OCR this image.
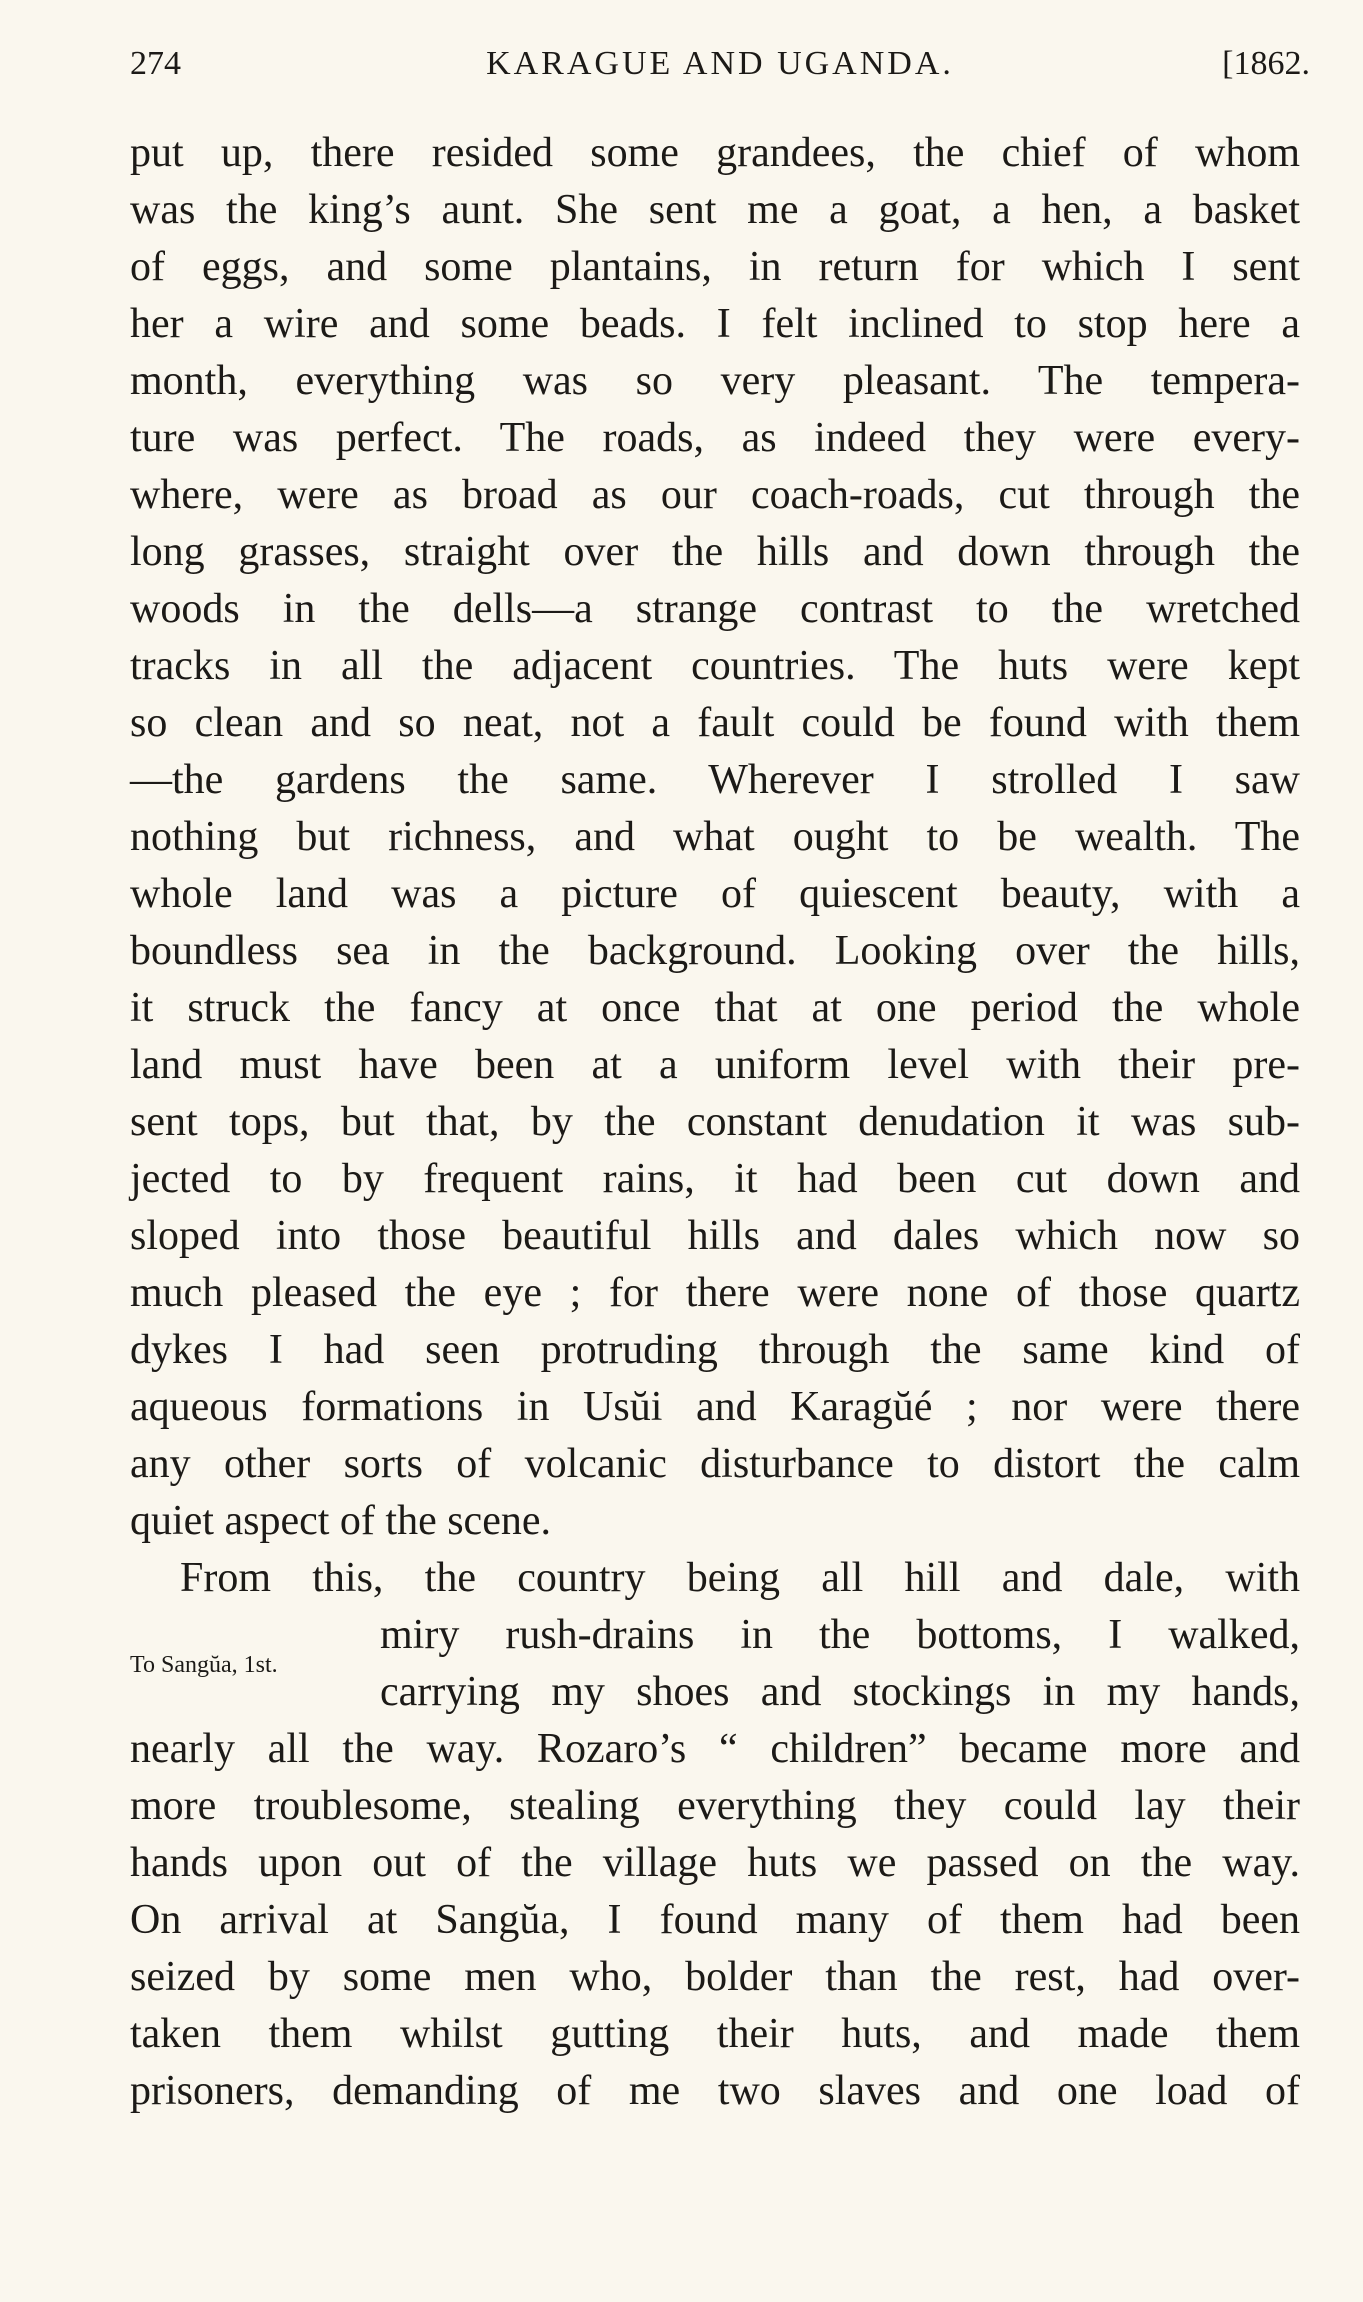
274	KARAGUE AND UGANDA.	[1862.
To Sangŭa, 1st.
put up, there resided some grandees, the chief of whom
was the king’s aunt. She sent me a goat, a hen, a basket
of eggs, and some plantains, in return for which I sent
her a wire and some beads. I felt inclined to stop here a
month, everything was so very pleasant. The tempera-
ture was perfect. The roads, as indeed they were every-
where, were as broad as our coach-roads, cut through the
long grasses, straight over the hills and down through the
woods in the dells—a strange contrast to the wretched
tracks in all the adjacent countries. The huts were kept
so clean and so neat, not a fault could be found with them
—the gardens the same. Wherever I strolled I saw
nothing but richness, and what ought to be wealth. The
whole land was a picture of quiescent beauty, with a
boundless sea in the background. Looking over the hills,
it struck the fancy at once that at one period the whole
land must have been at a uniform level with their pre-
sent tops, but that, by the constant denudation it was sub-
jected to by frequent rains, it had been cut down and
sloped into those beautiful hills and dales which now so
much pleased the eye ; for there were none of those quartz
dykes I had seen protruding through the same kind of
aqueous formations in Usŭi and Karagŭé ; nor were there
any other sorts of volcanic disturbance to distort the calm
quiet aspect of the scene.
From this, the country being all hill and dale, with
miry rush-drains in the bottoms, I walked,
carrying my shoes and stockings in my hands,
nearly all the way. Rozaro’s “ children” became more and
more troublesome, stealing everything they could lay their
hands upon out of the village huts we passed on the way.
On arrival at Sangŭa, I found many of them had been
seized by some men who, bolder than the rest, had over-
taken them whilst gutting their huts, and made them
prisoners, demanding of me two slaves and one load of
